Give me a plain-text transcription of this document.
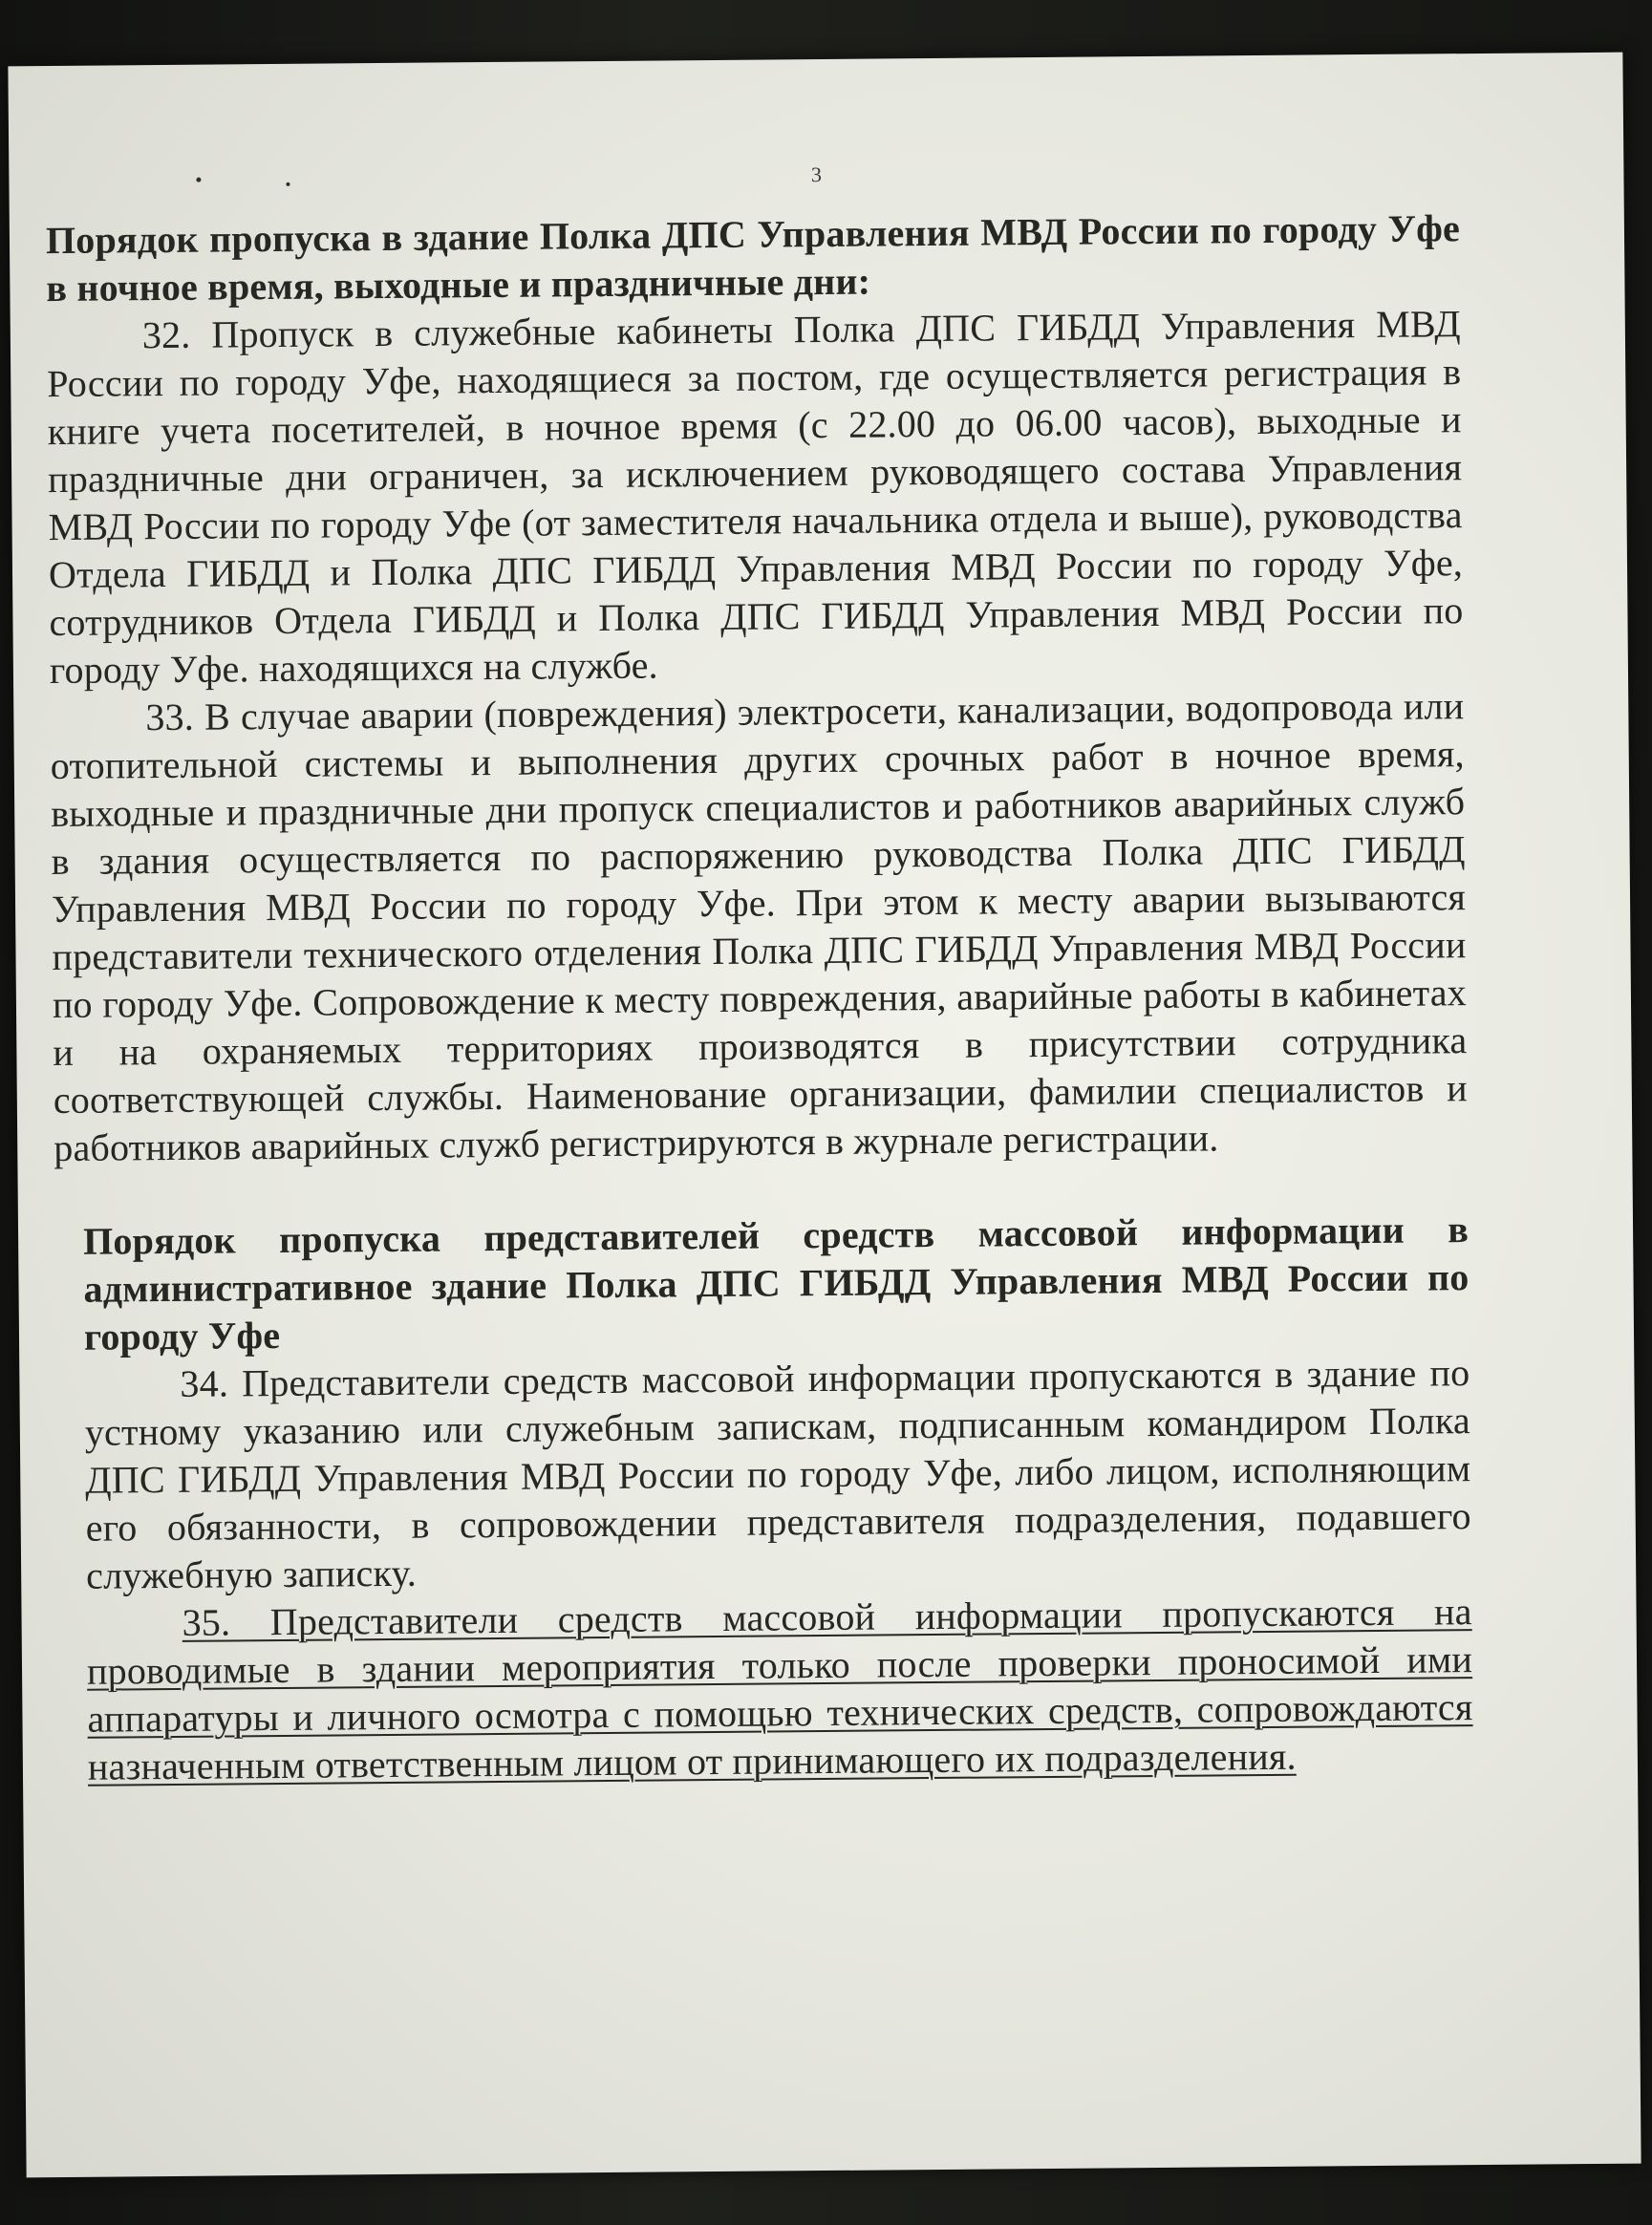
3

Порядок пропуска в здание Полка ДПС Управления МВД России по городу Уфе в ночное время, выходные и праздничные дни:

32. Пропуск в служебные кабинеты Полка ДПС ГИБДД Управления МВД России по городу Уфе, находящиеся за постом, где осуществляется регистрация в книге учета посетителей, в ночное время (с 22.00 до 06.00 часов), выходные и праздничные дни ограничен, за исключением руководящего состава Управления МВД России по городу Уфе (от заместителя начальника отдела и выше), руководства Отдела ГИБДД и Полка ДПС ГИБДД Управления МВД России по городу Уфе, сотрудников Отдела ГИБДД и Полка ДПС ГИБДД Управления МВД России по городу Уфе. находящихся на службе.

33. В случае аварии (повреждения) электросети, канализации, водопровода или отопительной системы и выполнения других срочных работ в ночное время, выходные и праздничные дни пропуск специалистов и работников аварийных служб в здания осуществляется по распоряжению руководства Полка ДПС ГИБДД Управления МВД России по городу Уфе. При этом к месту аварии вызываются представители технического отделения Полка ДПС ГИБДД Управления МВД России по городу Уфе. Сопровождение к месту повреждения, аварийные работы в кабинетах и на охраняемых территориях производятся в присутствии сотрудника соответствующей службы. Наименование организации, фамилии специалистов и работников аварийных служб регистрируются в журнале регистрации.

Порядок пропуска представителей средств массовой информации в административное здание Полка ДПС ГИБДД Управления МВД России по городу Уфе

34. Представители средств массовой информации пропускаются в здание по устному указанию или служебным запискам, подписанным командиром Полка ДПС ГИБДД Управления МВД России по городу Уфе, либо лицом, исполняющим его обязанности, в сопровождении представителя подразделения, подавшего служебную записку.

35. Представители средств массовой информации пропускаются на проводимые в здании мероприятия только после проверки проносимой ими аппаратуры и личного осмотра с помощью технических средств, сопровождаются назначенным ответственным лицом от принимающего их подразделения.
